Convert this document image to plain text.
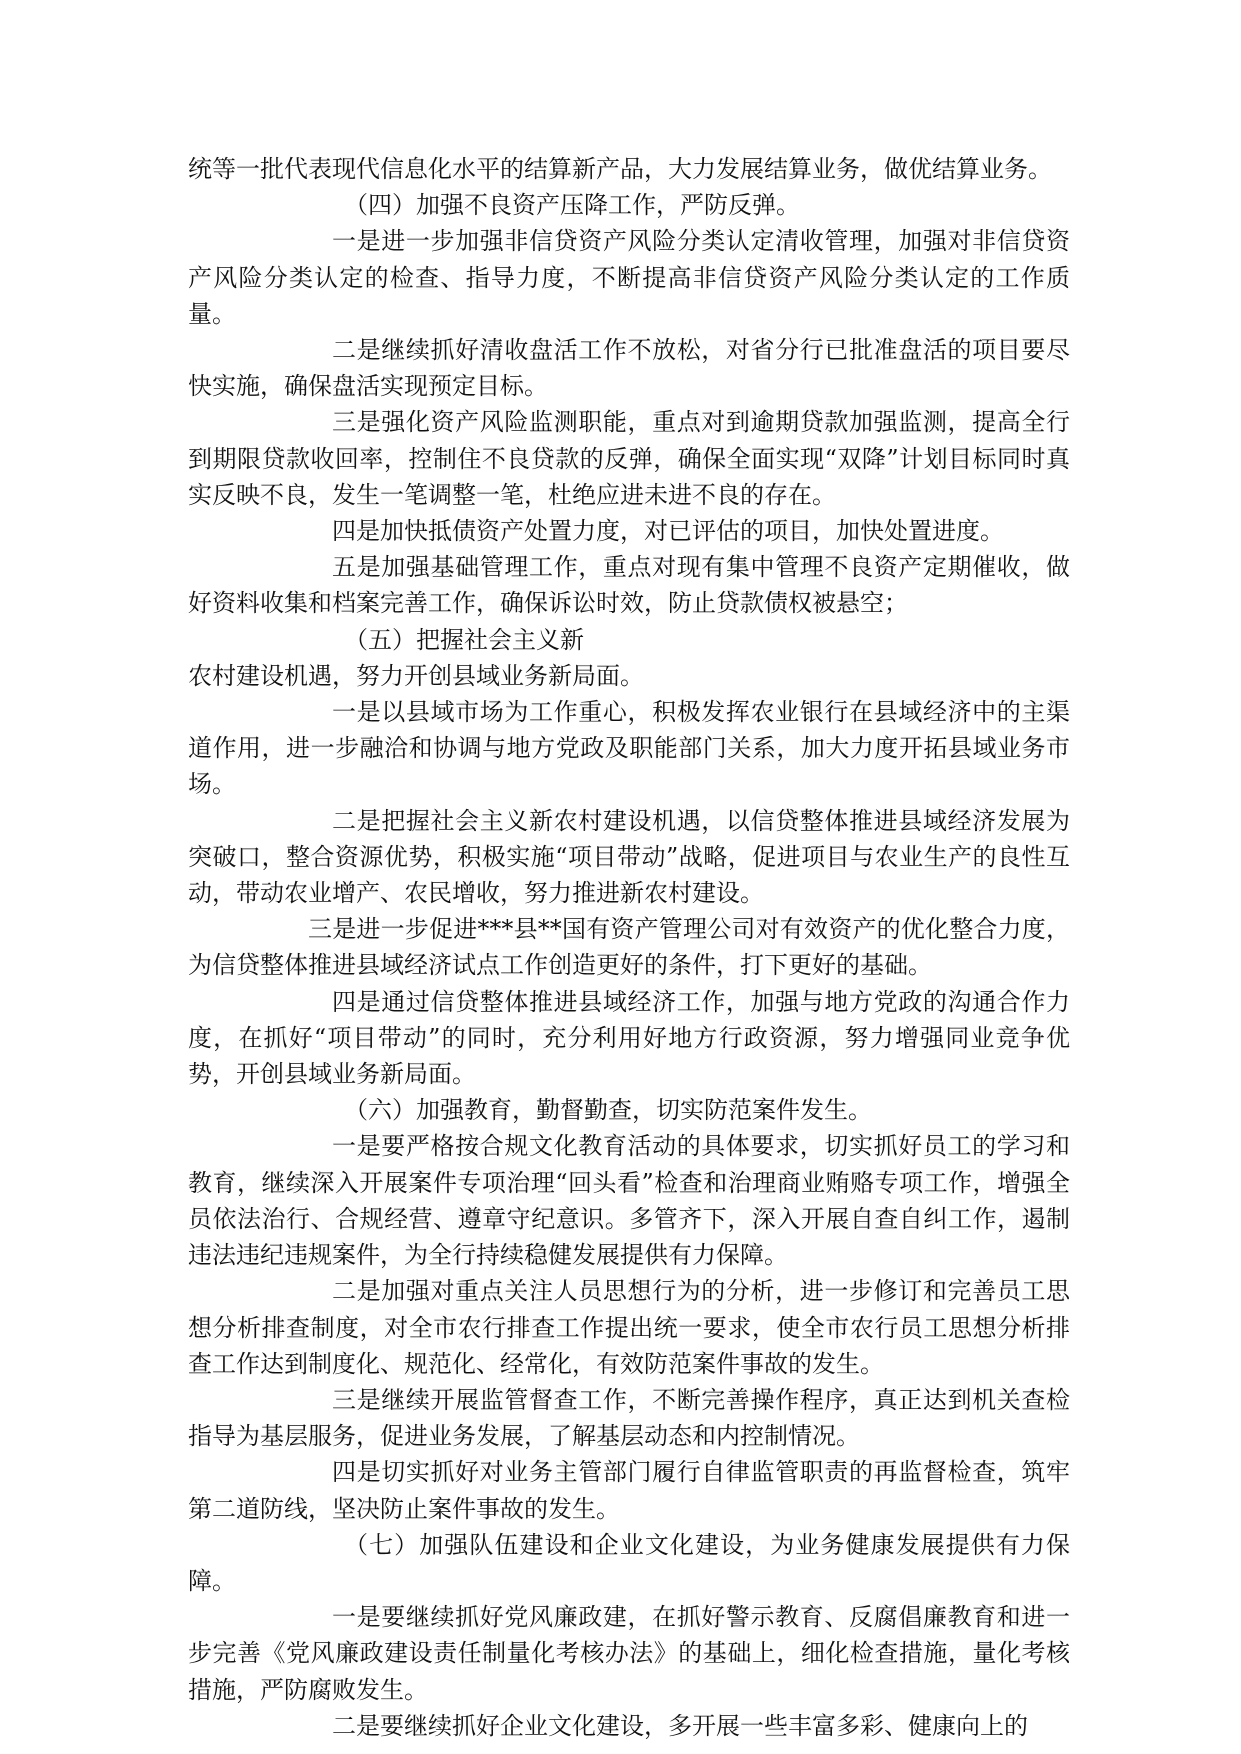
统等一批代表现代信息化水平的结算新产品，大力发展结算业务，做优结算业务。

（四）加强不良资产压降工作，严防反弹。

一是进一步加强非信贷资产风险分类认定清收管理，加强对非信贷资产风险分类认定的检查、指导力度，不断提高非信贷资产风险分类认定的工作质量。

二是继续抓好清收盘活工作不放松，对省分行已批准盘活的项目要尽快实施，确保盘活实现预定目标。

三是强化资产风险监测职能，重点对到逾期贷款加强监测，提高全行到期限贷款收回率，控制住不良贷款的反弹，确保全面实现“双降”计划目标同时真实反映不良，发生一笔调整一笔，杜绝应进未进不良的存在。

四是加快抵债资产处置力度，对已评估的项目，加快处置进度。

五是加强基础管理工作，重点对现有集中管理不良资产定期催收，做好资料收集和档案完善工作，确保诉讼时效，防止贷款债权被悬空；

（五）把握社会主义新

农村建设机遇，努力开创县域业务新局面。

一是以县域市场为工作重心，积极发挥农业银行在县域经济中的主渠道作用，进一步融洽和协调与地方党政及职能部门关系，加大力度开拓县域业务市场。

二是把握社会主义新农村建设机遇，以信贷整体推进县域经济发展为突破口，整合资源优势，积极实施“项目带动”战略，促进项目与农业生产的良性互动，带动农业增产、农民增收，努力推进新农村建设。

三是进一步促进***县**国有资产管理公司对有效资产的优化整合力度，为信贷整体推进县域经济试点工作创造更好的条件，打下更好的基础。

四是通过信贷整体推进县域经济工作，加强与地方党政的沟通合作力度，在抓好“项目带动”的同时，充分利用好地方行政资源，努力增强同业竞争优势，开创县域业务新局面。

（六）加强教育，勤督勤查，切实防范案件发生。

一是要严格按合规文化教育活动的具体要求，切实抓好员工的学习和教育，继续深入开展案件专项治理“回头看”检查和治理商业贿赂专项工作，增强全员依法治行、合规经营、遵章守纪意识。多管齐下，深入开展自查自纠工作，遏制违法违纪违规案件，为全行持续稳健发展提供有力保障。

二是加强对重点关注人员思想行为的分析，进一步修订和完善员工思想分析排查制度，对全市农行排查工作提出统一要求，使全市农行员工思想分析排查工作达到制度化、规范化、经常化，有效防范案件事故的发生。

三是继续开展监管督查工作，不断完善操作程序，真正达到机关查检指导为基层服务，促进业务发展，了解基层动态和内控制情况。

四是切实抓好对业务主管部门履行自律监管职责的再监督检查，筑牢第二道防线，坚决防止案件事故的发生。

（七）加强队伍建设和企业文化建设，为业务健康发展提供有力保障。

一是要继续抓好党风廉政建，在抓好警示教育、反腐倡廉教育和进一步完善《党风廉政建设责任制量化考核办法》的基础上，细化检查措施，量化考核措施，严防腐败发生。

二是要继续抓好企业文化建设，多开展一些丰富多彩、健康向上的
